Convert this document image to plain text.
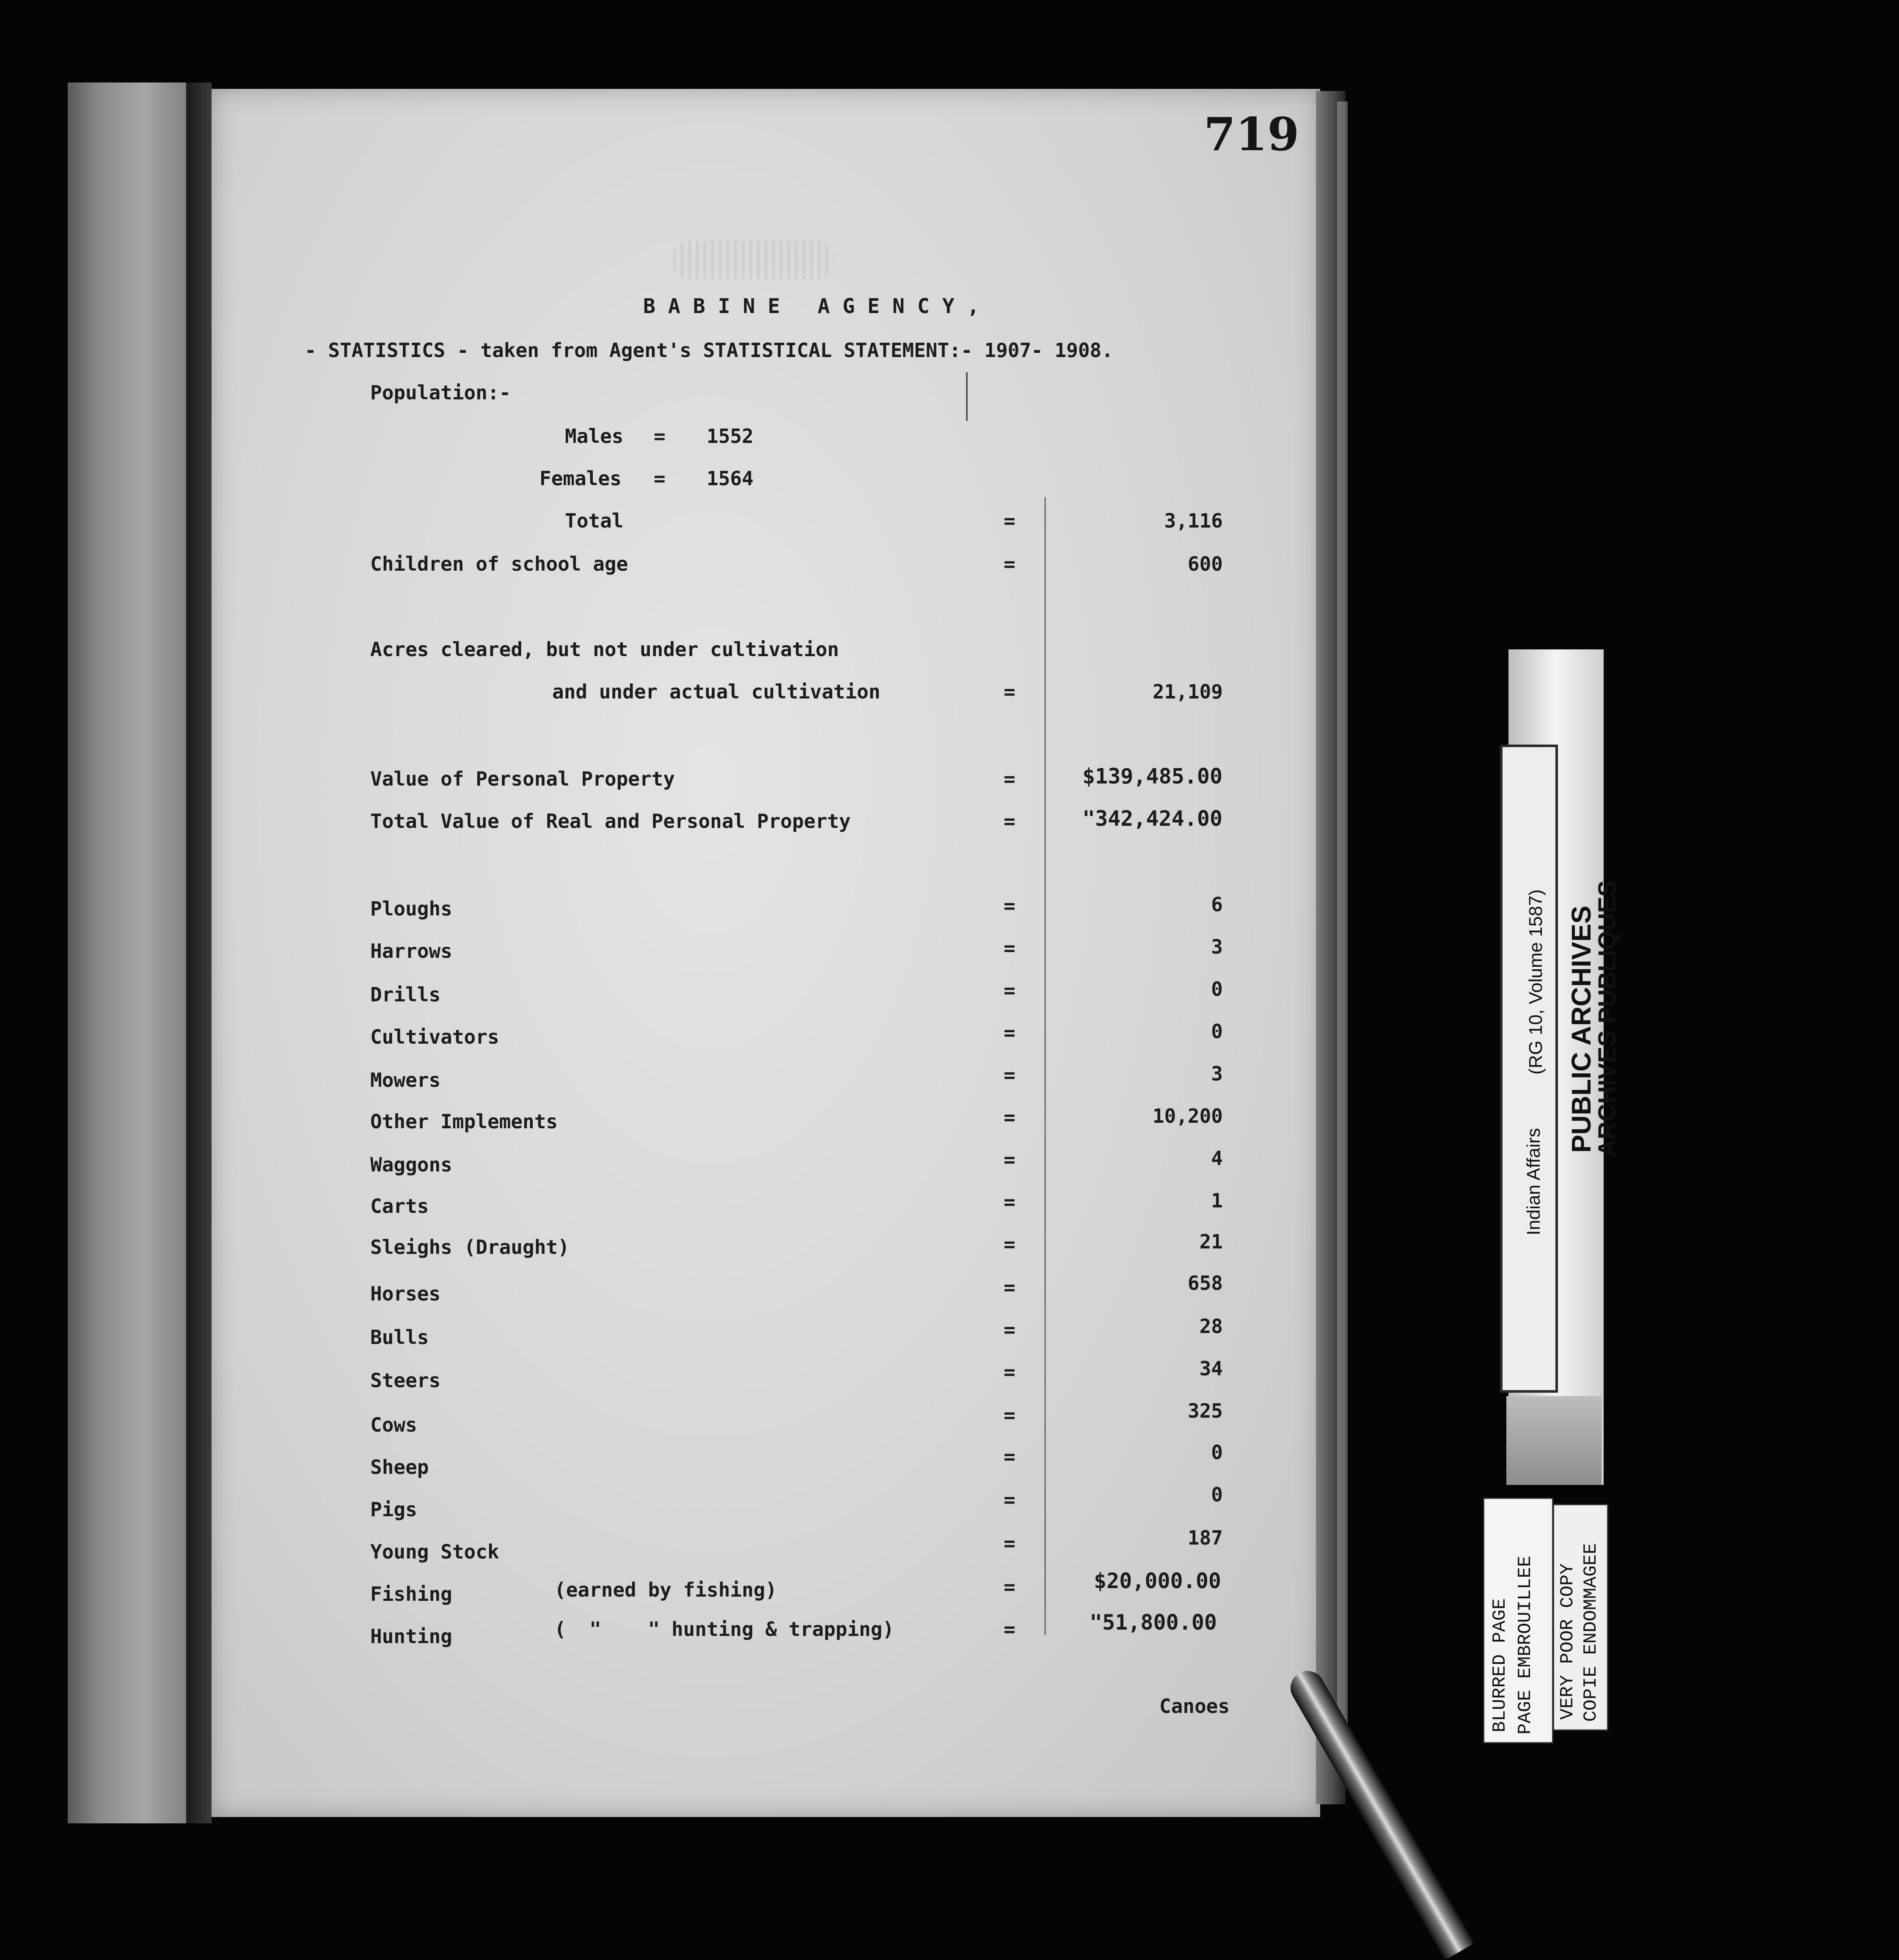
719
BABINE AGENCY,
- STATISTICS - taken from Agent's STATISTICAL STATEMENT:- 1907- 1908.
Population:-
Males = 1552
Females = 1564
Total	=	3,116
Children of school age	=	600
Acres cleared, but not under cultivation
and under actual cultivation	=	21,109
Value of Personal Property	=	$139,485.00
Total Value of Real and Personal Property	=	"342,424.00
Ploughs	=	6
Harrows	=	3
Drills	=	0
Cultivators	=	0
Mowers	=	3
Other Implements	=	10,200
Waggons	=	4
Carts	=	1
Sleighs (Draught)	=	21
Horses	=	658
Bulls	=	28
Steers	=	34
Cows	=	325
Sheep	=	0
Pigs	=	0
Young Stock	=	187
Fishing	(earned by fishing)	=	$20,000.00
Hunting	(  "    " hunting & trapping)	=	"51,800.00
Canoes
Indian Affairs
(RG 10, Volume 1587) PUBLIC ARCHIVES
ARCHIVES PUBLIQUES
BLURRED PAGE PAGE EMBROUILLEE VERY POOR COPY COPIE ENDOMMAGEE
